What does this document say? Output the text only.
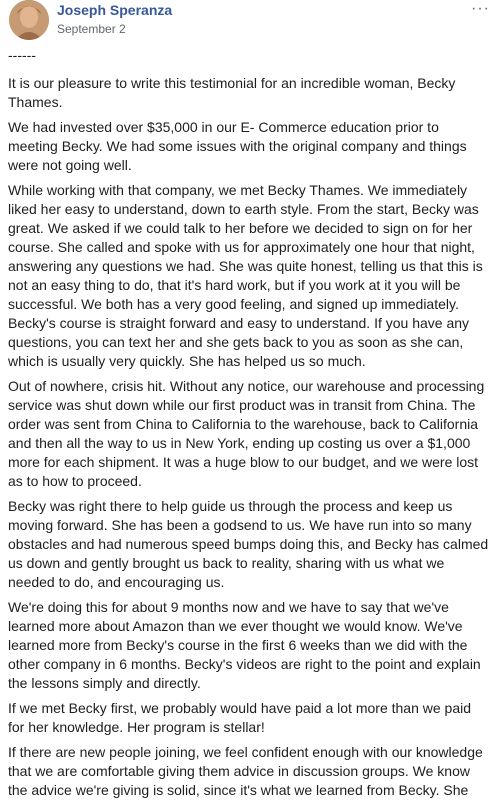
Joseph Speranza
September 2
···

------

It is our pleasure to write this testimonial for an incredible woman, Becky Thames.

We had invested over $35,000 in our E- Commerce education prior to meeting Becky. We had some issues with the original company and things were not going well.

While working with that company, we met Becky Thames. We immediately liked her easy to understand, down to earth style. From the start, Becky was great. We asked if we could talk to her before we decided to sign on for her course. She called and spoke with us for approximately one hour that night, answering any questions we had. She was quite honest, telling us that this is not an easy thing to do, that it's hard work, but if you work at it you will be successful. We both has a very good feeling, and signed up immediately. Becky's course is straight forward and easy to understand. If you have any questions, you can text her and she gets back to you as soon as she can, which is usually very quickly. She has helped us so much.

Out of nowhere, crisis hit. Without any notice, our warehouse and processing service was shut down while our first product was in transit from China. The order was sent from China to California to the warehouse, back to California and then all the way to us in New York, ending up costing us over a $1,000 more for each shipment. It was a huge blow to our budget, and we were lost as to how to proceed.

Becky was right there to help guide us through the process and keep us moving forward. She has been a godsend to us. We have run into so many obstacles and had numerous speed bumps doing this, and Becky has calmed us down and gently brought us back to reality, sharing with us what we needed to do, and encouraging us.

We're doing this for about 9 months now and we have to say that we've learned more about Amazon than we ever thought we would know. We've learned more from Becky's course in the first 6 weeks than we did with the other company in 6 months. Becky's videos are right to the point and explain the lessons simply and directly.

If we met Becky first, we probably would have paid a lot more than we paid for her knowledge. Her program is stellar!

If there are new people joining, we feel confident enough with our knowledge that we are comfortable giving them advice in discussion groups. We know the advice we're giving is solid, since it's what we learned from Becky. She
